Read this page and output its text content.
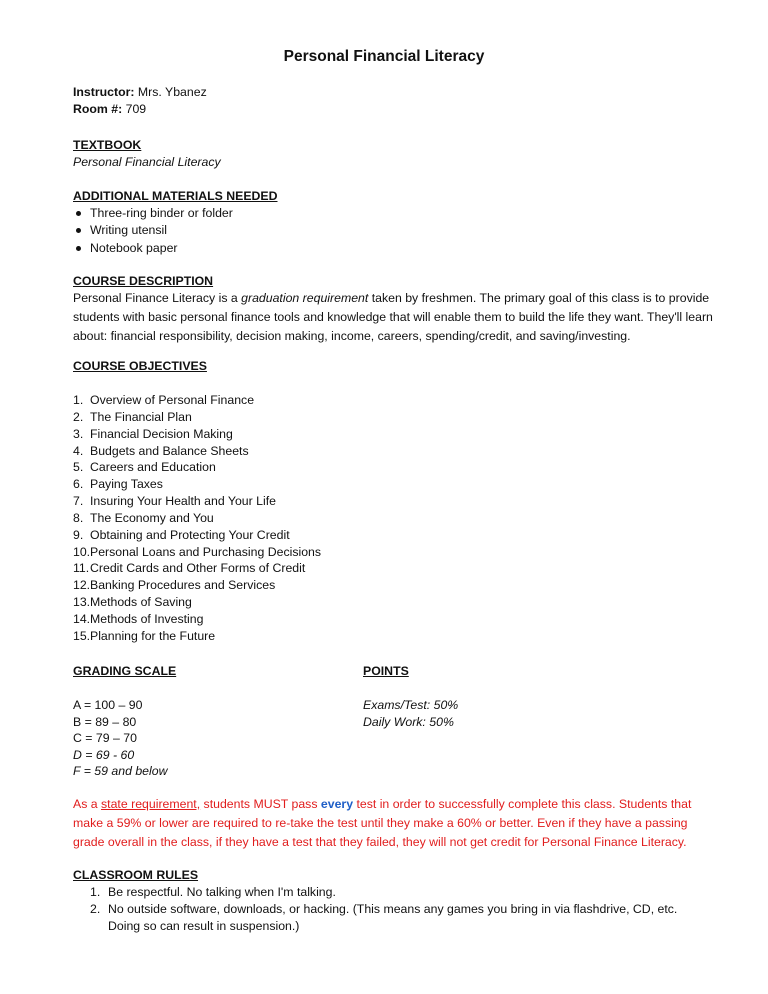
Personal Financial Literacy
Instructor: Mrs. Ybanez
Room #: 709
TEXTBOOK
Personal Financial Literacy
ADDITIONAL MATERIALS NEEDED
Three-ring binder or folder
Writing utensil
Notebook paper
COURSE DESCRIPTION
Personal Finance Literacy is a graduation requirement taken by freshmen. The primary goal of this class is to provide students with basic personal finance tools and knowledge that will enable them to build the life they want. They'll learn about: financial responsibility, decision making, income, careers, spending/credit, and saving/investing.
COURSE OBJECTIVES
1. Overview of Personal Finance
2. The Financial Plan
3. Financial Decision Making
4. Budgets and Balance Sheets
5. Careers and Education
6. Paying Taxes
7. Insuring Your Health and Your Life
8. The Economy and You
9. Obtaining and Protecting Your Credit
10. Personal Loans and Purchasing Decisions
11. Credit Cards and Other Forms of Credit
12. Banking Procedures and Services
13. Methods of Saving
14. Methods of Investing
15. Planning for the Future
GRADING SCALE	POINTS
A = 100 – 90
B = 89 – 80
C = 79 – 70
D = 69 - 60
F = 59 and below
Exams/Test: 50%
Daily Work: 50%
As a state requirement, students MUST pass every test in order to successfully complete this class. Students that make a 59% or lower are required to re-take the test until they make a 60% or better. Even if they have a passing grade overall in the class, if they have a test that they failed, they will not get credit for Personal Finance Literacy.
CLASSROOM RULES
1. Be respectful. No talking when I'm talking.
2. No outside software, downloads, or hacking. (This means any games you bring in via flashdrive, CD, etc. Doing so can result in suspension.)
